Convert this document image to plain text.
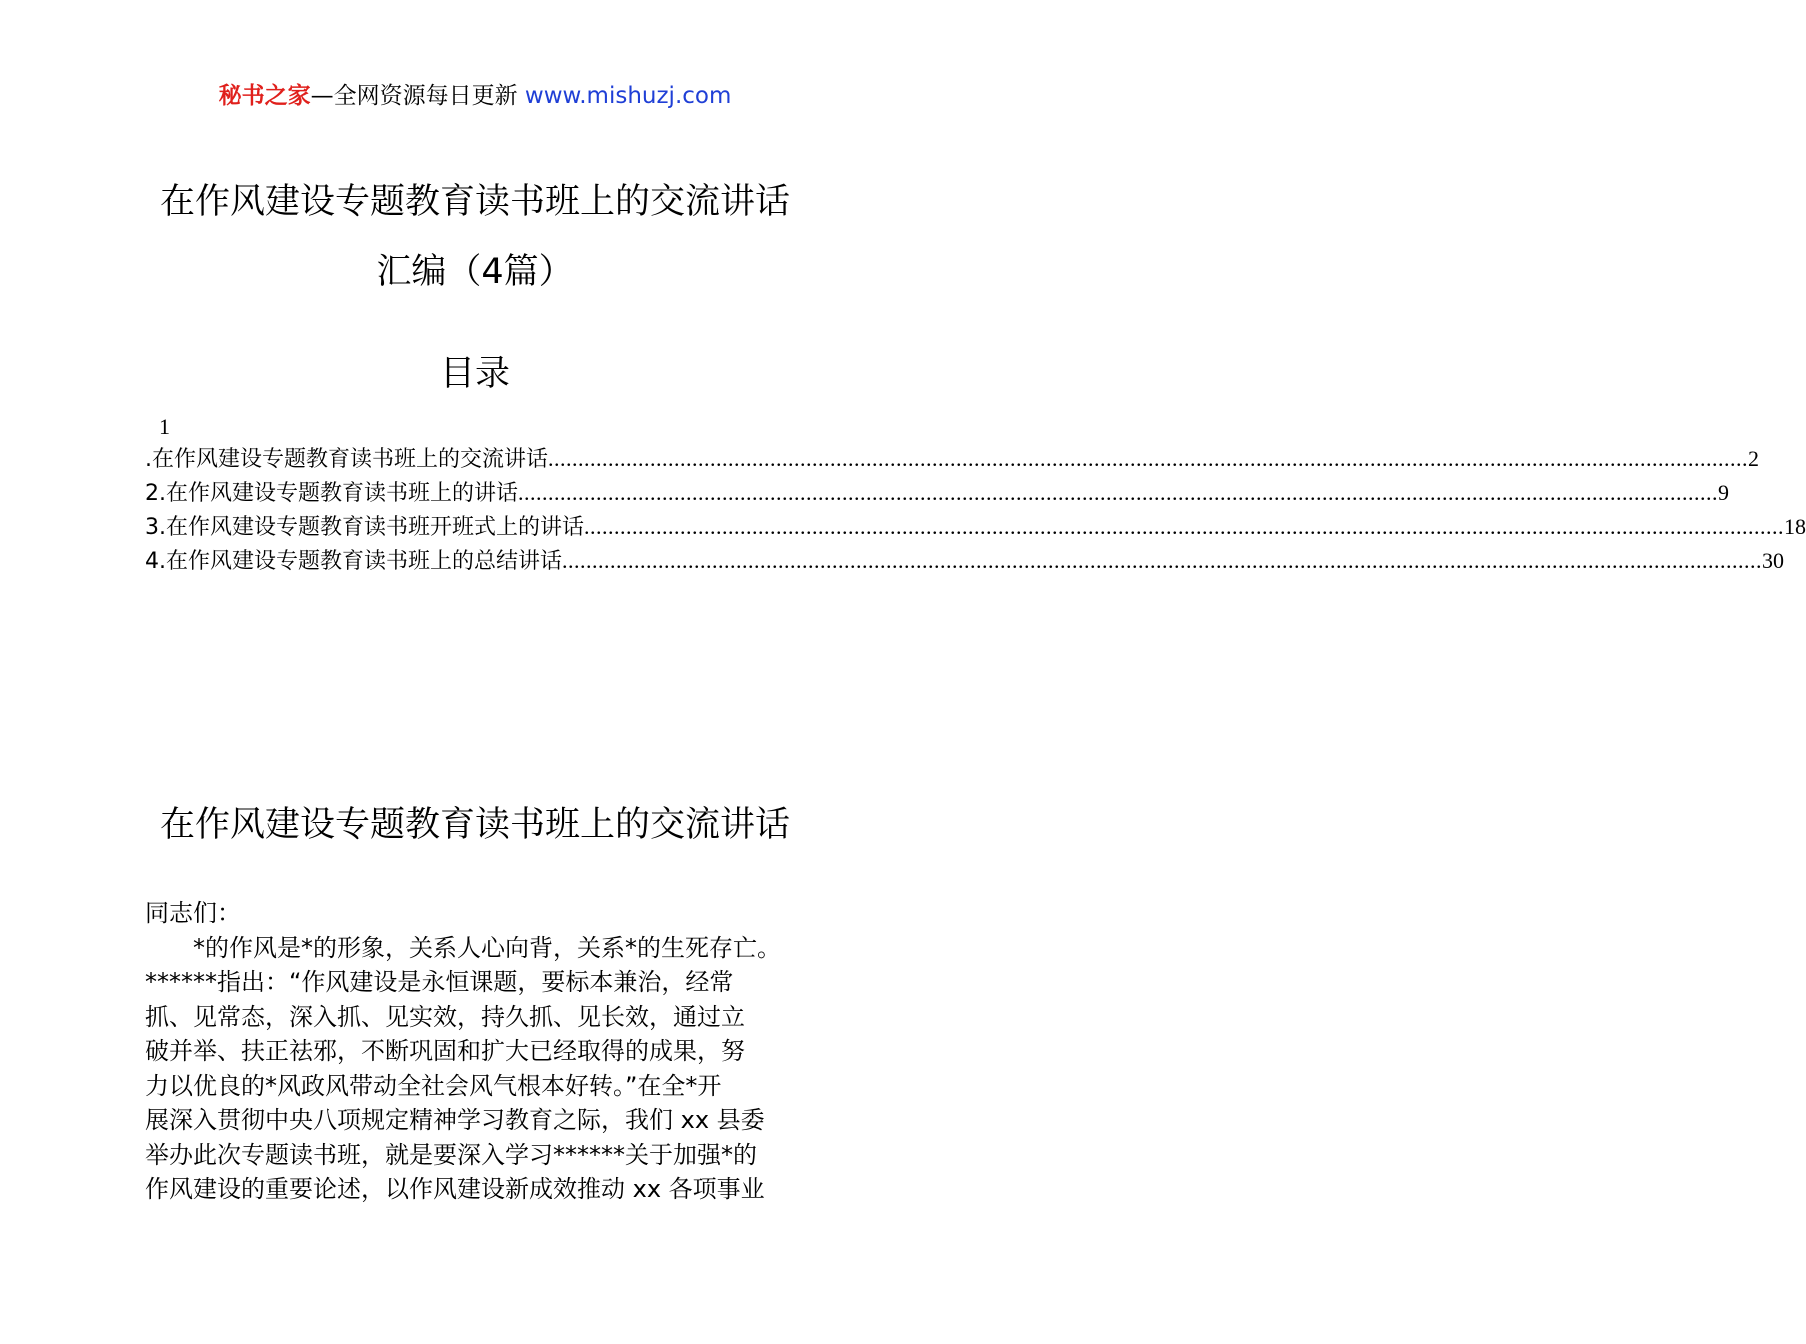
秘书之家—全网资源每日更新 www.mishuzj.com
在作风建设专题教育读书班上的交流讲话
汇编（4篇）
目录
1
.在作风建设专题教育读书班上的交流讲话 ........................................................................................................................................................................................................ 2
2.在作风建设专题教育读书班上的讲话 ........................................................................................................................................................................................................ 9
3.在作风建设专题教育读书班开班式上的讲话 ........................................................................................................................................................................................................ 18
4.在作风建设专题教育读书班上的总结讲话 ........................................................................................................................................................................................................ 30
在作风建设专题教育读书班上的交流讲话

同志们：

*的作风是*的形象，关系人心向背，关系*的生死存亡。

******指出：“作风建设是永恒课题，要标本兼治，经常

抓、见常态，深入抓、见实效，持久抓、见长效，通过立

破并举、扶正祛邪，不断巩固和扩大已经取得的成果，努

力以优良的*风政风带动全社会风气根本好转。”在全*开

展深入贯彻中央八项规定精神学习教育之际，我们 xx 县委

举办此次专题读书班，就是要深入学习******关于加强*的

作风建设的重要论述，以作风建设新成效推动 xx 各项事业
